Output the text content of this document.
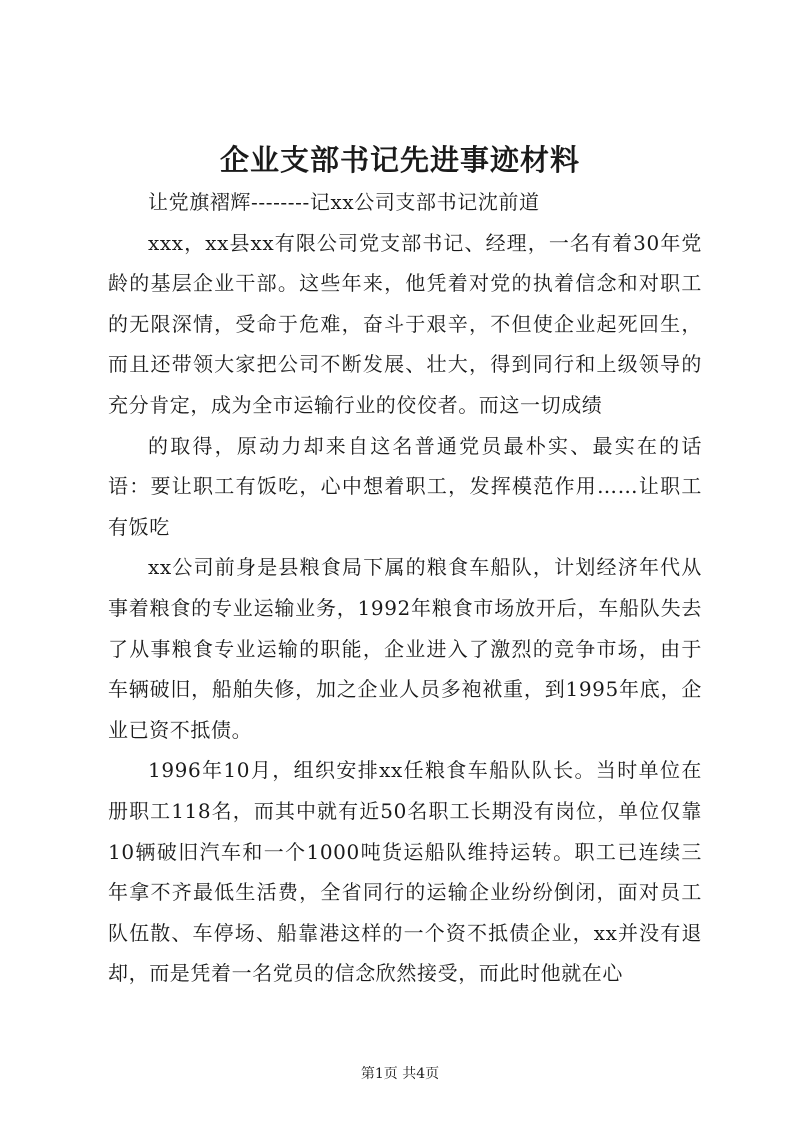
企业支部书记先进事迹材料

让党旗褶辉--------记xx公司支部书记沈前道

xxx，xx县xx有限公司党支部书记、经理，一名有着30年党龄的基层企业干部。这些年来，他凭着对党的执着信念和对职工的无限深情，受命于危难，奋斗于艰辛，不但使企业起死回生，而且还带领大家把公司不断发展、壮大，得到同行和上级领导的充分肯定，成为全市运输行业的佼佼者。而这一切成绩

的取得，原动力却来自这名普通党员最朴实、最实在的话语：要让职工有饭吃，心中想着职工，发挥模范作用……让职工有饭吃

xx公司前身是县粮食局下属的粮食车船队，计划经济年代从事着粮食的专业运输业务，1992年粮食市场放开后，车船队失去了从事粮食专业运输的职能，企业进入了激烈的竞争市场，由于车辆破旧，船舶失修，加之企业人员多袍袱重，到1995年底，企业已资不抵债。

1996年10月，组织安排xx任粮食车船队队长。当时单位在册职工118名，而其中就有近50名职工长期没有岗位，单位仅靠10辆破旧汽车和一个1000吨货运船队维持运转。职工已连续三年拿不齐最低生活费，全省同行的运输企业纷纷倒闭，面对员工队伍散、车停场、船靠港这样的一个资不抵债企业，xx并没有退却，而是凭着一名党员的信念欣然接受，而此时他就在心

第1页 共4页
